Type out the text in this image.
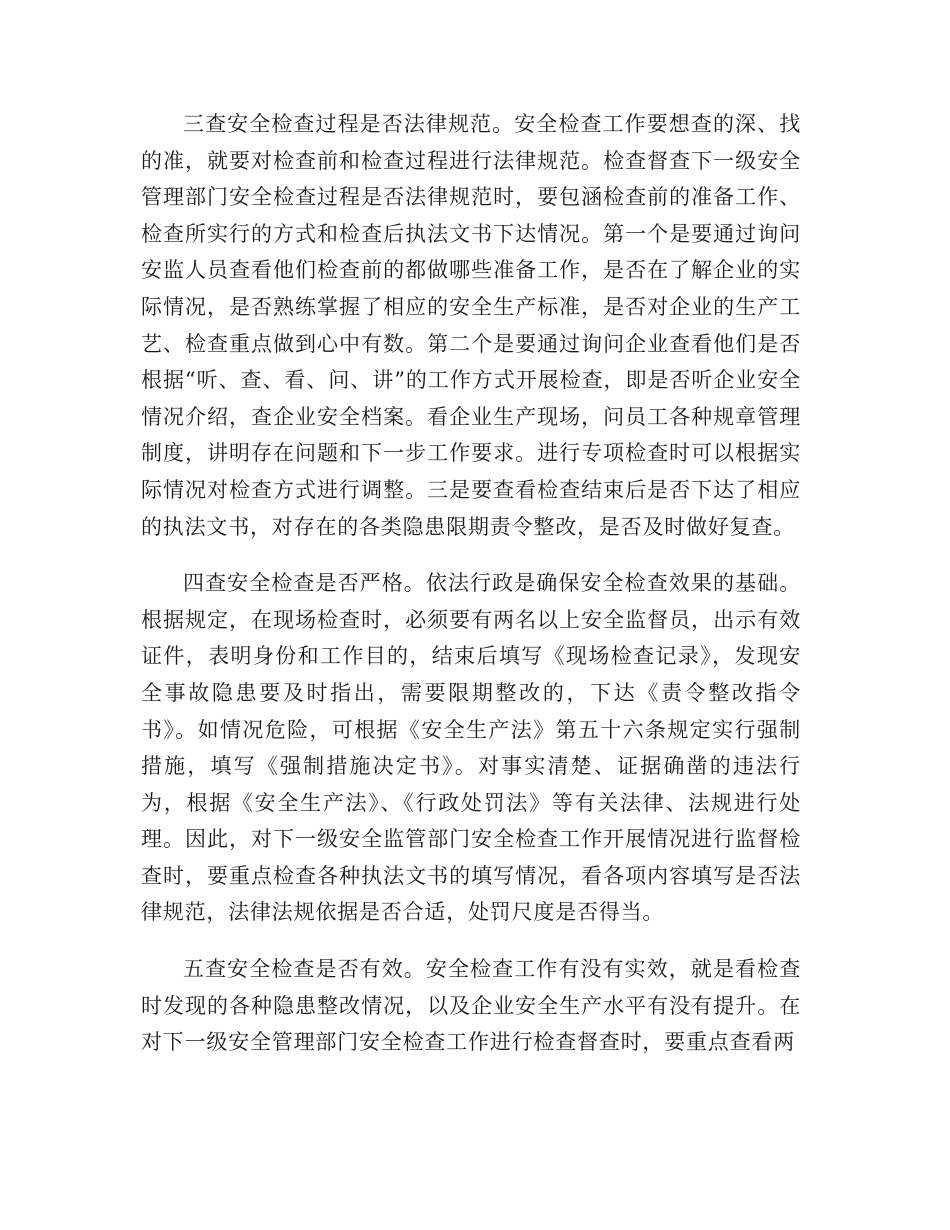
三查安全检查过程是否法律规范。安全检查工作要想查的深、找的准，就要对检查前和检查过程进行法律规范。检查督查下一级安全管理部门安全检查过程是否法律规范时，要包涵检查前的准备工作、检查所实行的方式和检查后执法文书下达情况。第一个是要通过询问安监人员查看他们检查前的都做哪些准备工作，是否在了解企业的实际情况，是否熟练掌握了相应的安全生产标准，是否对企业的生产工艺、检查重点做到心中有数。第二个是要通过询问企业查看他们是否根据“听、查、看、问、讲”的工作方式开展检查，即是否听企业安全情况介绍，查企业安全档案。看企业生产现场，问员工各种规章管理制度，讲明存在问题和下一步工作要求。进行专项检查时可以根据实际情况对检查方式进行调整。三是要查看检查结束后是否下达了相应的执法文书，对存在的各类隐患限期责令整改，是否及时做好复查。

四查安全检查是否严格。依法行政是确保安全检查效果的基础。根据规定，在现场检查时，必须要有两名以上安全监督员，出示有效证件，表明身份和工作目的，结束后填写《现场检查记录》，发现安全事故隐患要及时指出，需要限期整改的，下达《责令整改指令书》。如情况危险，可根据《安全生产法》第五十六条规定实行强制措施，填写《强制措施决定书》。对事实清楚、证据确凿的违法行为，根据《安全生产法》、《行政处罚法》等有关法律、法规进行处理。因此，对下一级安全监管部门安全检查工作开展情况进行监督检查时，要重点检查各种执法文书的填写情况，看各项内容填写是否法律规范，法律法规依据是否合适，处罚尺度是否得当。

五查安全检查是否有效。安全检查工作有没有实效，就是看检查时发现的各种隐患整改情况，以及企业安全生产水平有没有提升。在对下一级安全管理部门安全检查工作进行检查督查时，要重点查看两
